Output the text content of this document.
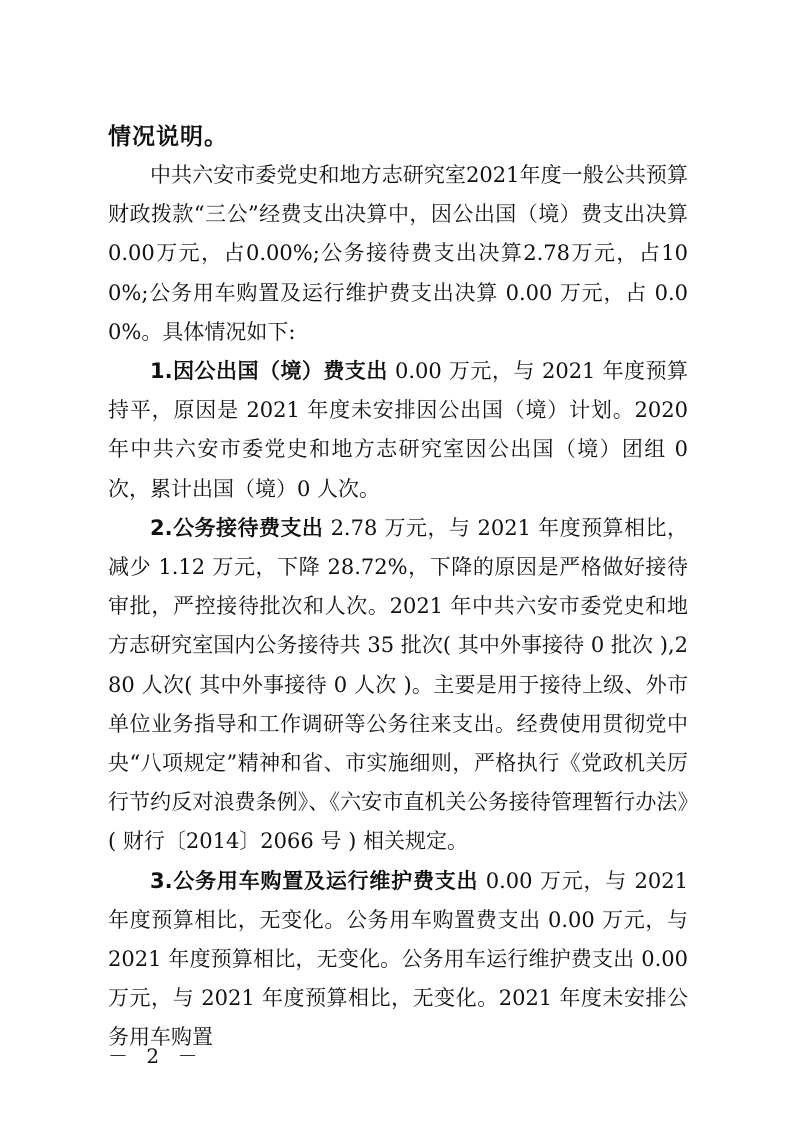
情况说明。

中共六安市委党史和地方志研究室2021年度一般公共预算财政拨款“三公”经费支出决算中，因公出国（境）费支出决算0.00万元，占0.00%;公务接待费支出决算2.78万元，占100%;公务用车购置及运行维护费支出决算 0.00 万元，占 0.00%。具体情况如下:

1.因公出国（境）费支出 0.00 万元，与 2021 年度预算持平，原因是 2021 年度未安排因公出国（境）计划。2020 年中共六安市委党史和地方志研究室因公出国（境）团组 0 次，累计出国（境）0 人次。

2.公务接待费支出 2.78 万元，与 2021 年度预算相比，减少 1.12 万元，下降 28.72%，下降的原因是严格做好接待审批，严控接待批次和人次。2021 年中共六安市委党史和地方志研究室国内公务接待共 35 批次( 其中外事接待 0 批次 ),280 人次( 其中外事接待 0 人次 )。主要是用于接待上级、外市单位业务指导和工作调研等公务往来支出。经费使用贯彻党中央“八项规定”精神和省、市实施细则，严格执行《党政机关厉行节约反对浪费条例》、《六安市直机关公务接待管理暂行办法》( 财行〔2014〕2066 号 ) 相关规定。

3.公务用车购置及运行维护费支出 0.00 万元，与 2021 年度预算相比，无变化。公务用车购置费支出 0.00 万元，与 2021 年度预算相比，无变化。公务用车运行维护费支出 0.00 万元，与 2021 年度预算相比，无变化。2021 年度未安排公务用车购置

－ 2 －
